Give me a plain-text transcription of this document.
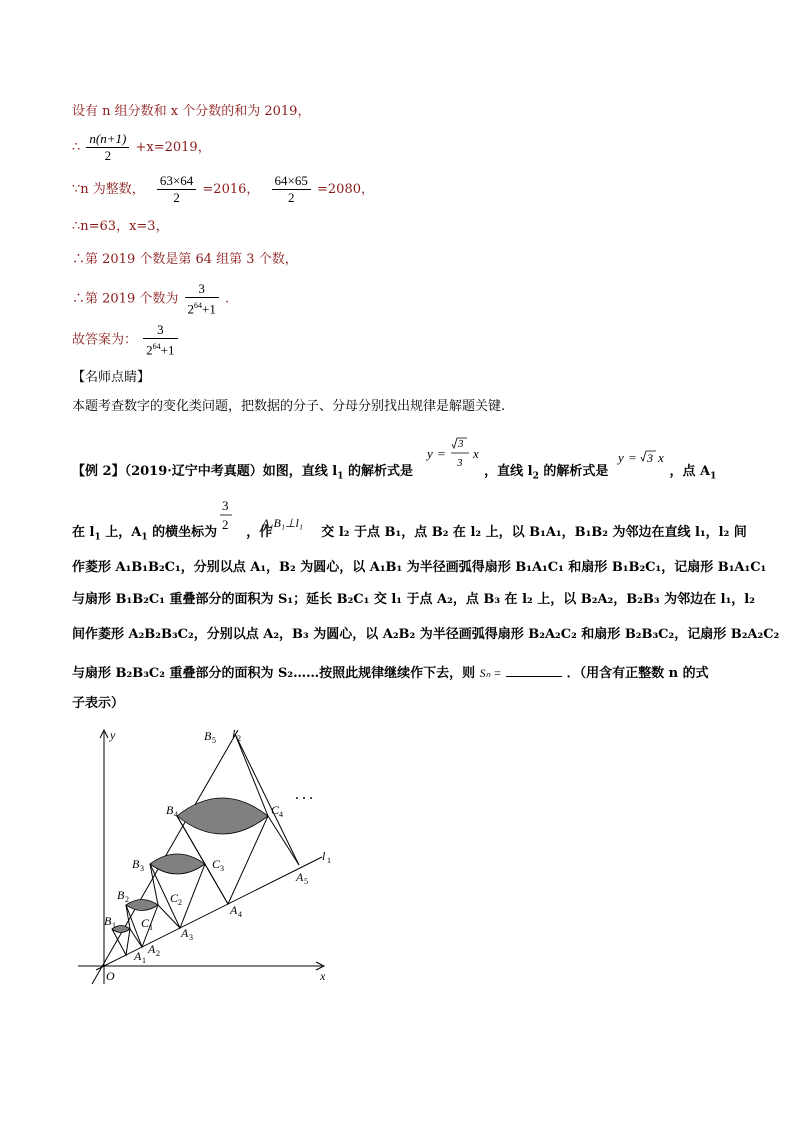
设有 n 组分数和 x 个分数的和为 2019，
∴ $\frac{n(n+1)}{2} +x=2019$，
∵n 为整数， $\frac{63\times 64}{2} =2016$， $\frac{64\times 65}{2} =2080$，
∴n=63，x=3，
∴第 2019 个数是第 64 组第 3 个数，
∴第 2019 个数为 $\frac{3}{2^{64}+1}$ .
故答案为： $\frac{3}{2^{64}+1}$
【名师点睛】
本题考查数字的变化类问题，把数据的分子、分母分别找出规律是解题关键.
【例 2】（2019·辽宁中考真题）如图，直线 $l_1$ 的解析式是	，直线 $l_2$ 的解析式是	，点 $A_1$
y =
3
3
x	y = 3 x
在 $l_1$ 上，$A_1$ 的横坐标为 ，作	交 l₂ 于点 B₁，点 B₂ 在 l₂ 上，以 B₁A₁，B₁B₂ 为邻边在直线 l₁，l₂ 间
3
2	A₁B₁⊥l₁
作菱形 A₁B₁B₂C₁，分别以点 A₁，B₂ 为圆心，以 A₁B₁ 为半径画弧得扇形 B₁A₁C₁ 和扇形 B₁B₂C₁，记扇形 B₁A₁C₁
与扇形 B₁B₂C₁ 重叠部分的面积为 S₁；延长 B₂C₁ 交 l₁ 于点 A₂，点 B₃ 在 l₂ 上，以 B₂A₂，B₂B₃ 为邻边在 l₁，l₂
间作菱形 A₂B₂B₃C₂，分别以点 A₂，B₃ 为圆心，以 A₂B₂ 为半径画弧得扇形 B₂A₂C₂ 和扇形 B₂B₃C₂，记扇形 B₂A₂C₂
与扇形 B₂B₃C₂ 重叠部分的面积为 S₂……按照此规律继续作下去，则 Sₙ =	．（用含有正整数 n 的式
子表示）
y
x
O
l 2
l 1
· · ·
B 5
B 4
B 3
B 2
B 1
C 4
C 3
C 2
C 1
A 5
A 4
A 3
A 2
A 1
